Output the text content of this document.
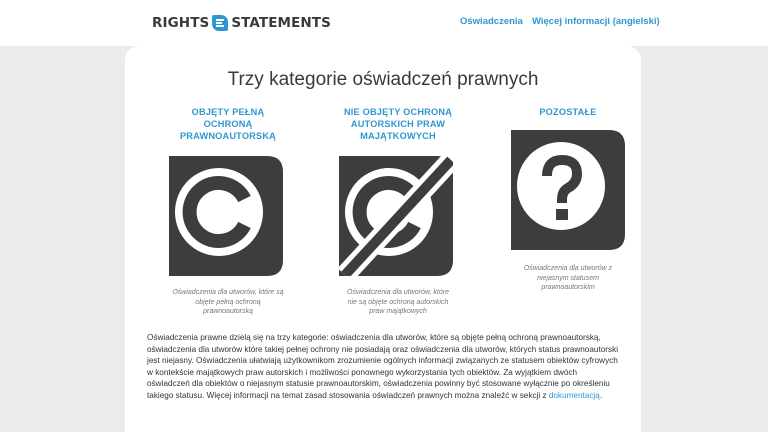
RIGHTS STATEMENTS	Oświadczenia Więcej informacji (angielski)
Trzy kategorie oświadczeń prawnych
OBJĘTY PEŁNĄ
OCHRONĄ
PRAWNOAUTORSKĄ
Oświadczenia dla utworów, które są
objęte pełną ochroną
prawnoautorską
NIE OBJĘTY OCHRONĄ
AUTORSKICH PRAW
MAJĄTKOWYCH
Oświadczenia dla utworów, które
nie są objęte ochroną autorskich
praw majątkowych
POZOSTAŁE
Oświadczenia dla utworów z
niejasnym statusem
prawnoautorskim

Oświadczenia prawne dzielą się na trzy kategorie: oświadczenia dla utworów, które są objęte pełną ochroną prawnoautorską, oświadczenia dla utworów które takiej pełnej ochrony nie posiadają oraz oświadczenia dla utworów, których status prawnoautorski jest niejasny. Oświadczenia ułatwiają użytkownikom zrozumienie ogólnych informacji związanych ze statusem obiektów cyfrowych w kontekście majątkowych praw autorskich i możliwości ponownego wykorzystania tych obiektów. Za wyjątkiem dwóch oświadczeń dla obiektów o niejasnym statusie prawnoautorskim, oświadczenia powinny być stosowane wyłącznie po określeniu takiego statusu. Więcej informacji na temat zasad stosowania oświadczeń prawnych można znaleźć w sekcji z dokumentacją.
